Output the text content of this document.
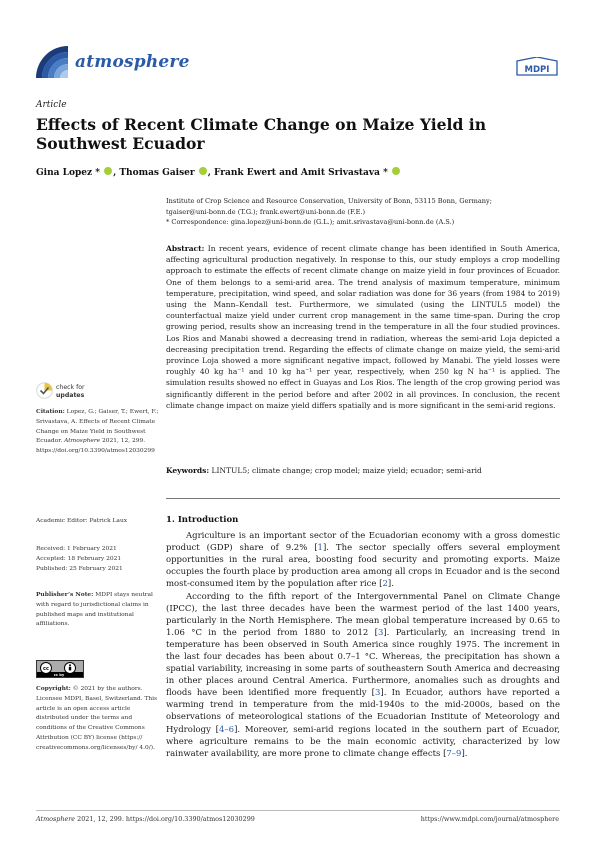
atmosphere	MDPI
Article
Effects of Recent Climate Change on Maize Yield in
Southwest Ecuador
Gina Lopez * , Thomas Gaiser , Frank Ewert and Amit Srivastava *
Institute of Crop Science and Resource Conservation, University of Bonn, 53115 Bonn, Germany;
tgaiser@uni-bonn.de (T.G.); frank.ewert@uni-bonn.de (F.E.)
* Correspondence: gina.lopez@uni-bonn.de (G.L.); amit.srivastava@uni-bonn.de (A.S.)
Abstract: In recent years, evidence of recent climate change has been identified in South America, affecting agricultural production negatively. In response to this, our study employs a crop modelling approach to estimate the effects of recent climate change on maize yield in four provinces of Ecuador. One of them belongs to a semi-arid area. The trend analysis of maximum temperature, minimum temperature, precipitation, wind speed, and solar radiation was done for 36 years (from 1984 to 2019) using the Mann–Kendall test. Furthermore, we simulated (using the LINTUL5 model) the counterfactual maize yield under current crop management in the same time-span. During the crop growing period, results show an increasing trend in the temperature in all the four studied provinces. Los Rios and Manabi showed a decreasing trend in radiation, whereas the semi-arid Loja depicted a decreasing precipitation trend. Regarding the effects of climate change on maize yield, the semi-arid province Loja showed a more significant negative impact, followed by Manabi. The yield losses were roughly 40 kg ha⁻¹ and 10 kg ha⁻¹ per year, respectively, when 250 kg N ha⁻¹ is applied. The simulation results showed no effect in Guayas and Los Rios. The length of the crop growing period was significantly different in the period before and after 2002 in all provinces. In conclusion, the recent climate change impact on maize yield differs spatially and is more significant in the semi-arid regions.
Keywords: LINTUL5; climate change; crop model; maize yield; ecuador; semi-arid
check for
updates
Citation: Lopez, G.; Gaiser, T.; Ewert, F.; Srivastava, A. Effects of Recent Climate Change on Maize Yield in Southwest Ecuador. Atmosphere 2021, 12, 299. https://doi.org/10.3390/atmos12030299
Academic Editor: Patrick Laux
Received: 1 February 2021
Accepted: 18 February 2021
Published: 25 February 2021
Publisher’s Note: MDPI stays neutral with regard to jurisdictional claims in published maps and institutional affiliations.
cc
cc by
Copyright: © 2021 by the authors. Licensee MDPI, Basel, Switzerland. This article is an open access article distributed under the terms and conditions of the Creative Commons Attribution (CC BY) license (https:// creativecommons.org/licenses/by/ 4.0/).
1. Introduction

Agriculture is an important sector of the Ecuadorian economy with a gross domestic product (GDP) share of 9.2% [1]. The sector specially offers several employment opportunities in the rural area, boosting food security and promoting exports. Maize occupies the fourth place by production area among all crops in Ecuador and is the second most-consumed item by the population after rice [2].

According to the fifth report of the Intergovernmental Panel on Climate Change (IPCC), the last three decades have been the warmest period of the last 1400 years, particularly in the North Hemisphere. The mean global temperature increased by 0.65 to 1.06 °C in the period from 1880 to 2012 [3]. Particularly, an increasing trend in temperature has been observed in South America since roughly 1975. The increment in the last four decades has been about 0.7–1 °C. Whereas, the precipitation has shown a spatial variability, increasing in some parts of southeastern South America and decreasing in other places around Central America. Furthermore, anomalies such as droughts and floods have been identified more frequently [3]. In Ecuador, authors have reported a warming trend in temperature from the mid-1940s to the mid-2000s, based on the observations of meteorological stations of the Ecuadorian Institute of Meteorology and Hydrology [4–6]. Moreover, semi-arid regions located in the southern part of Ecuador, where agriculture remains to be the main economic activity, characterized by low rainwater availability, are more prone to climate change effects [7–9].

Atmosphere 2021, 12, 299. https://doi.org/10.3390/atmos12030299	https://www.mdpi.com/journal/atmosphere
